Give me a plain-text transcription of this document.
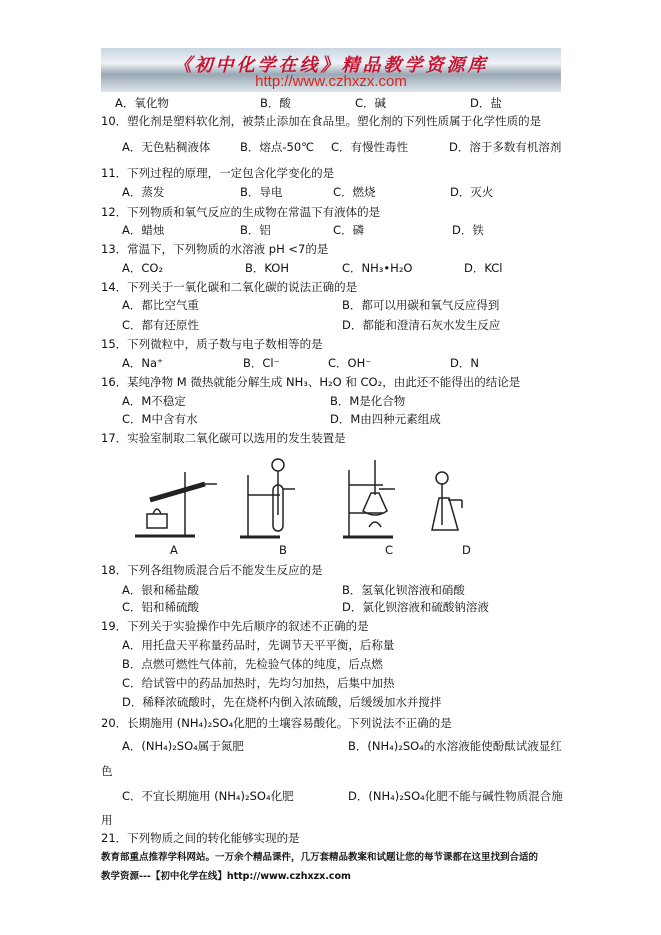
《初中化学在线》精品教学资源库
http://www.czhxzx.com
A．氧化物	B．酸	C．碱	D．盐
10．塑化剂是塑料软化剂，被禁止添加在食品里。塑化剂的下列性质属于化学性质的是
A．无色粘稠液体	B．熔点-50℃ C．有慢性毒性	D．溶于多数有机溶剂
11．下列过程的原理，一定包含化学变化的是
A．蒸发	B．导电	C．燃烧	D．灭火
12．下列物质和氧气反应的生成物在常温下有液体的是
A．蜡烛	B．铝	C．磷	D．铁
13．常温下，下列物质的水溶液 pH <7的是
A．CO₂	B．KOH	C．NH₃•H₂O	D．KCl
14．下列关于一氧化碳和二氧化碳的说法正确的是
A．都比空气重	B．都可以用碳和氧气反应得到
C．都有还原性	D．都能和澄清石灰水发生反应
15．下列微粒中，质子数与电子数相等的是
A．Na⁺	B．Cl⁻	C．OH⁻	D．N
16．某纯净物 M 微热就能分解生成 NH₃、H₂O 和 CO₂，由此还不能得出的结论是
A．M不稳定	B．M是化合物
C．M中含有水	D．M由四种元素组成
17．实验室制取二氧化碳可以选用的发生装置是
A	B	C	D
18．下列各组物质混合后不能发生反应的是
A．银和稀盐酸	B．氢氧化钡溶液和硝酸
C．铝和稀硫酸	D．氯化钡溶液和硫酸钠溶液
19．下列关于实验操作中先后顺序的叙述不正确的是
A．用托盘天平称量药品时，先调节天平平衡，后称量
B．点燃可燃性气体前，先检验气体的纯度，后点燃
C．给试管中的药品加热时，先均匀加热，后集中加热
D．稀释浓硫酸时，先在烧杯内倒入浓硫酸，后缓缓加水并搅拌
20．长期施用 (NH₄)₂SO₄化肥的土壤容易酸化。下列说法不正确的是
A．(NH₄)₂SO₄属于氮肥	B．(NH₄)₂SO₄的水溶液能使酚酞试液显红
色
C．不宜长期施用 (NH₄)₂SO₄化肥	D．(NH₄)₂SO₄化肥不能与碱性物质混合施
用
21．下列物质之间的转化能够实现的是
教育部重点推荐学科网站。一万余个精品课件，几万套精品教案和试题让您的每节课都在这里找到合适的
教学资源---【初中化学在线】http://www.czhxzx.com
